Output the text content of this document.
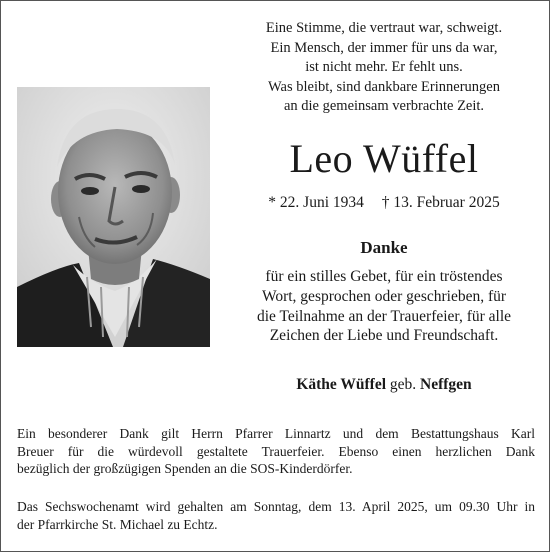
Eine Stimme, die vertraut war, schweigt.
Ein Mensch, der immer für uns da war,
ist nicht mehr. Er fehlt uns.
Was bleibt, sind dankbare Erinnerungen
an die gemeinsam verbrachte Zeit.
Leo Wüffel
* 22. Juni 1934 † 13. Februar 2025
Danke
für ein stilles Gebet, für ein tröstendes
Wort, gesprochen oder geschrieben, für
die Teilnahme an der Trauerfeier, für alle
Zeichen der Liebe und Freundschaft.
Käthe Wüffel geb. Neffgen
Ein besonderer Dank gilt Herrn Pfarrer Linnartz und dem Bestattungshaus Karl
Breuer für die würdevoll gestaltete Trauerfeier. Ebenso einen herzlichen Dank
bezüglich der großzügigen Spenden an die SOS-Kinderdörfer.
Das Sechswochenamt wird gehalten am Sonntag, dem 13. April 2025, um 09.30 Uhr in
der Pfarrkirche St. Michael zu Echtz.
